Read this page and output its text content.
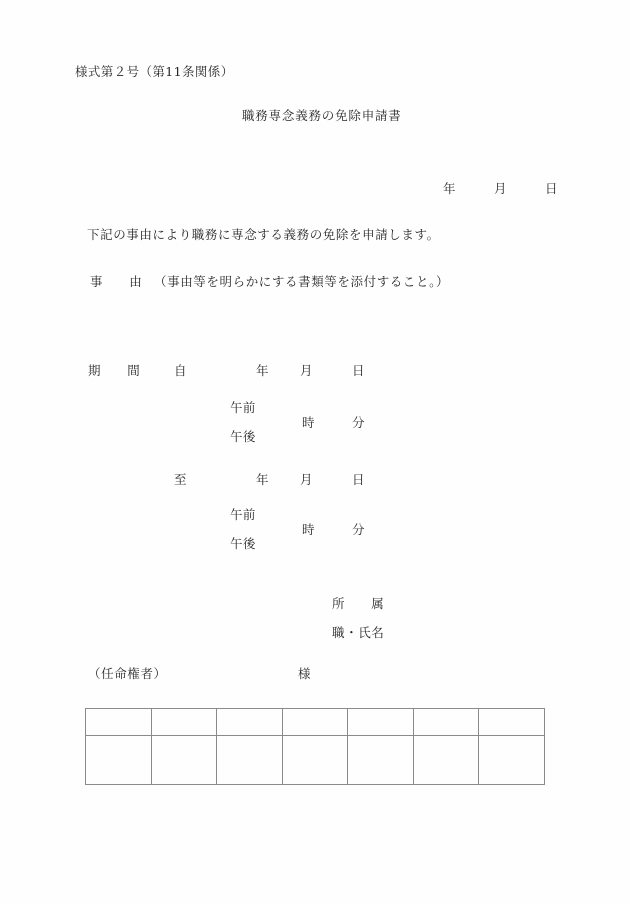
様式第２号（第11条関係）
職務専念義務の免除申請書
年	月	日
下記の事由により職務に専念する義務の免除を申請します。
事　　由 （事由等を明らかにする書類等を添付すること。）
期　　間	自	年 月	日
午前
午後
時	分
至	年 月	日
午前
午後
時	分
所　　属
職・氏名
（任命権者）	様
